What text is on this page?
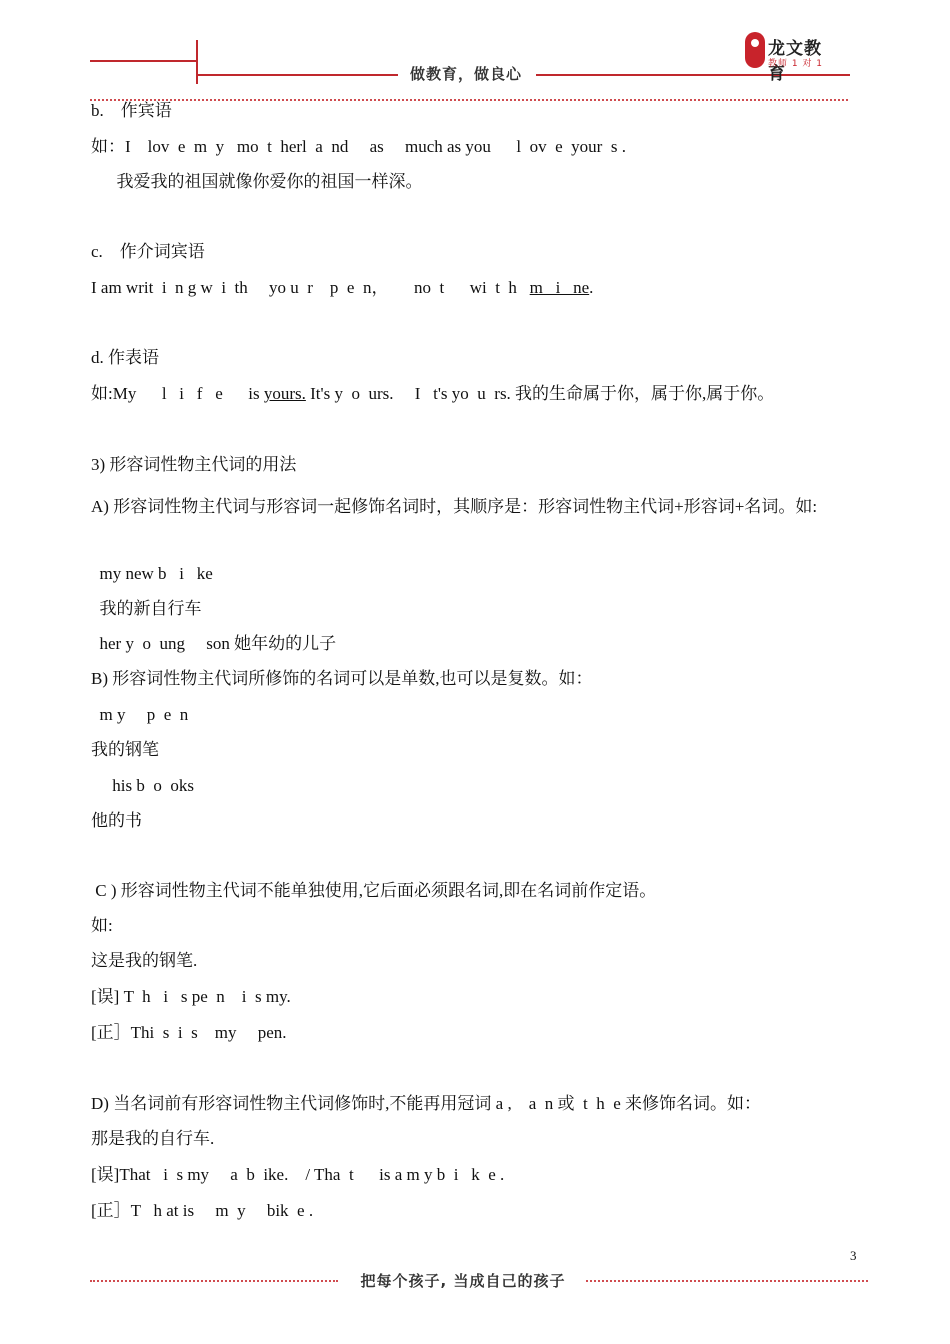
做教育，做良心
龙文教育
教师 1 对 1
b.    作宾语
如：I    lov  e  m  y   mo  t  herl  a  nd     as     much as you      l  ov  e  your  s .
我爱我的祖国就像你爱你的祖国一样深。
c.    作介词宾语
I am writ  i  n g w  i  th     yo u  r    p  e  n，      no  t      wi  t  h   m   i   ne.
d. 作表语
如:My      l   i   f   e      is yours. It's y  o  urs.     I   t's yo  u  rs. 我的生命属于你，属于你,属于你。
3) 形容词性物主代词的用法
A) 形容词性物主代词与形容词一起修饰名词时，其顺序是：形容词性物主代词+形容词+名词。如:
my new b   i   ke
我的新自行车
her y  o  ung     son 她年幼的儿子
B) 形容词性物主代词所修饰的名词可以是单数,也可以是复数。如：
m y     p  e  n
我的钢笔
his b  o  oks
他的书
C ) 形容词性物主代词不能单独使用,它后面必须跟名词,即在名词前作定语。
如:
这是我的钢笔.
[误] T  h   i   s pe  n    i  s my.
[正］Thi  s  i  s    my     pen.
D) 当名词前有形容词性物主代词修饰时,不能再用冠词 a ,    a  n 或  t  h  e 来修饰名词。如：
那是我的自行车.
[误]That   i  s my     a  b  ike.    / Tha  t      is a m y b  i   k  e .
[正］T   h at is     m  y     bik  e .
3
把每个孩子, 当成自己的孩子
